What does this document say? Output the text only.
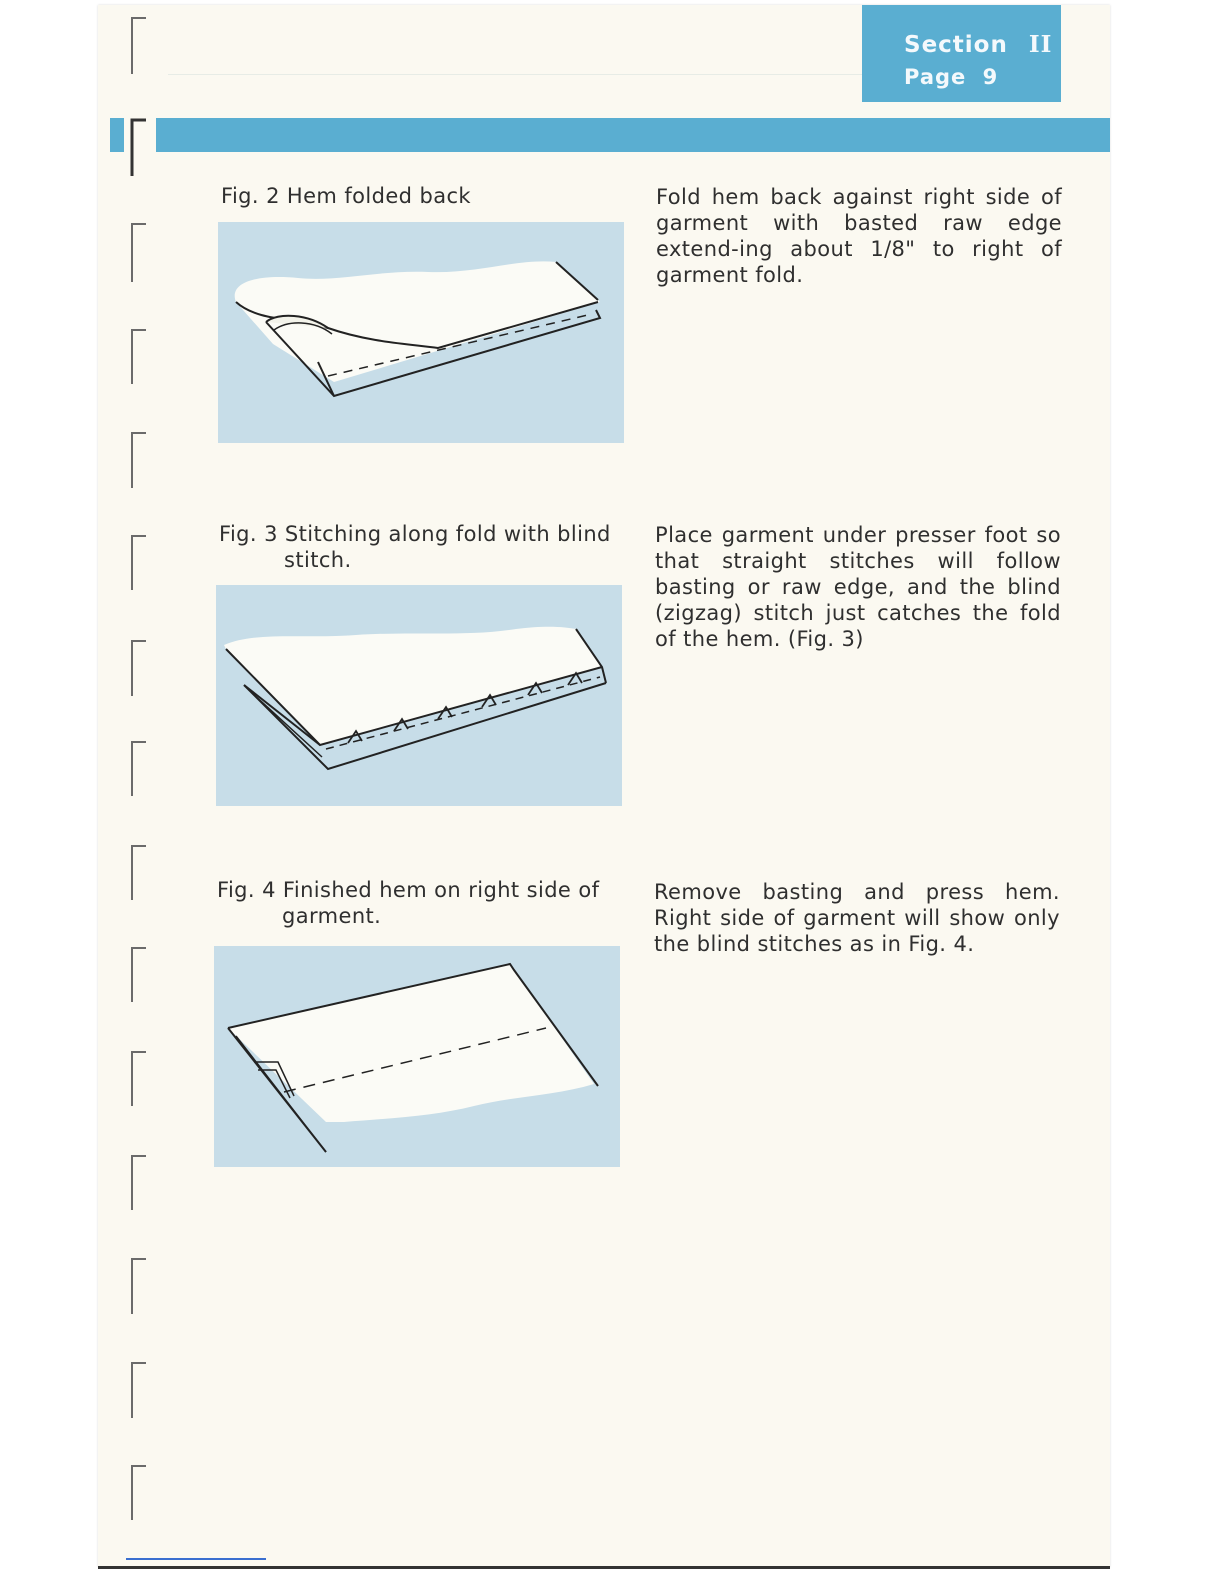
Section II
Page 9
Fig. 2 Hem folded back	Fold hem back against right side of garment with basted raw edge extend-ing about 1/8" to right of garment fold.
Fig. 3 Stitching along fold with blind
stitch.
Place garment under presser foot so that straight stitches will follow basting or raw edge, and the blind (zigzag) stitch just catches the fold of the hem. (Fig. 3)
Fig. 4 Finished hem on right side of
garment.
Remove basting and press hem. Right side of garment will show only the blind stitches as in Fig. 4.
